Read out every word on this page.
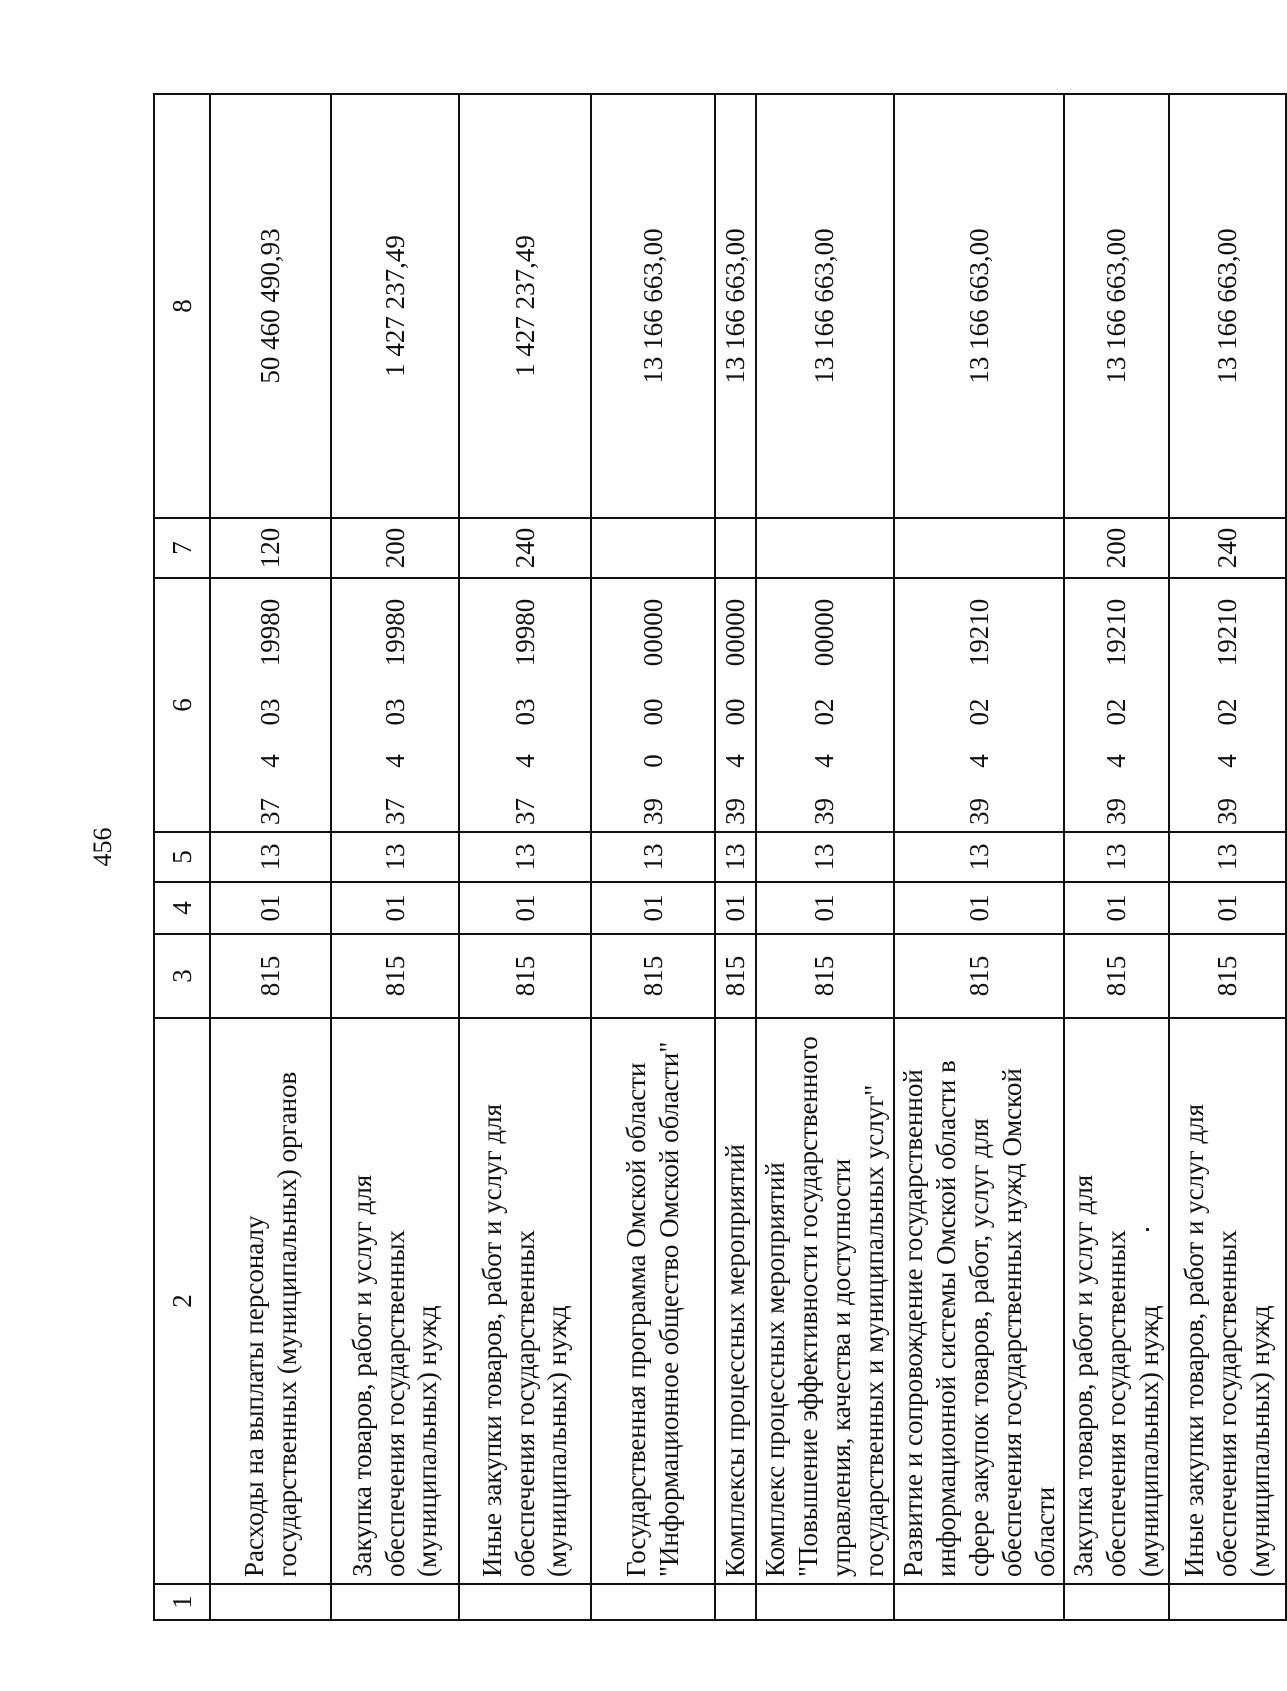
456
1	2	3	4	5	6				7	8
	Расходы на выплаты персоналу государственных (муниципальных) органов	815	01	13	37	4	03	19980	120	50 460 490,93
	Закупка товаров, работ и услуг для обеспечения государственных (муниципальных) нужд	815	01	13	37	4	03	19980	200	1 427 237,49
	Иные закупки товаров, работ и услуг для обеспечения государственных (муниципальных) нужд	815	01	13	37	4	03	19980	240	1 427 237,49
	Государственная программа Омской области "Информационное общество Омской области"	815	01	13	39	0	00	00000		13 166 663,00
	Комплексы процессных мероприятий	815	01	13	39	4	00	00000		13 166 663,00
	Комплекс процессных мероприятий "Повышение эффективности государственного управления, качества и доступности государственных и муниципальных услуг"	815	01	13	39	4	02	00000		13 166 663,00
	Развитие и сопровождение государственной информационной системы Омской области в сфере закупок товаров, работ, услуг для обеспечения государственных нужд Омской области	815	01	13	39	4	02	19210		13 166 663,00
	Закупка товаров, работ и услуг для обеспечения государственных (муниципальных) нужд	815	01	13	39	4	02	19210	200	13 166 663,00
	Иные закупки товаров, работ и услуг для обеспечения государственных (муниципальных) нужд	815	01	13	39	4	02	19210	240	13 166 663,00
